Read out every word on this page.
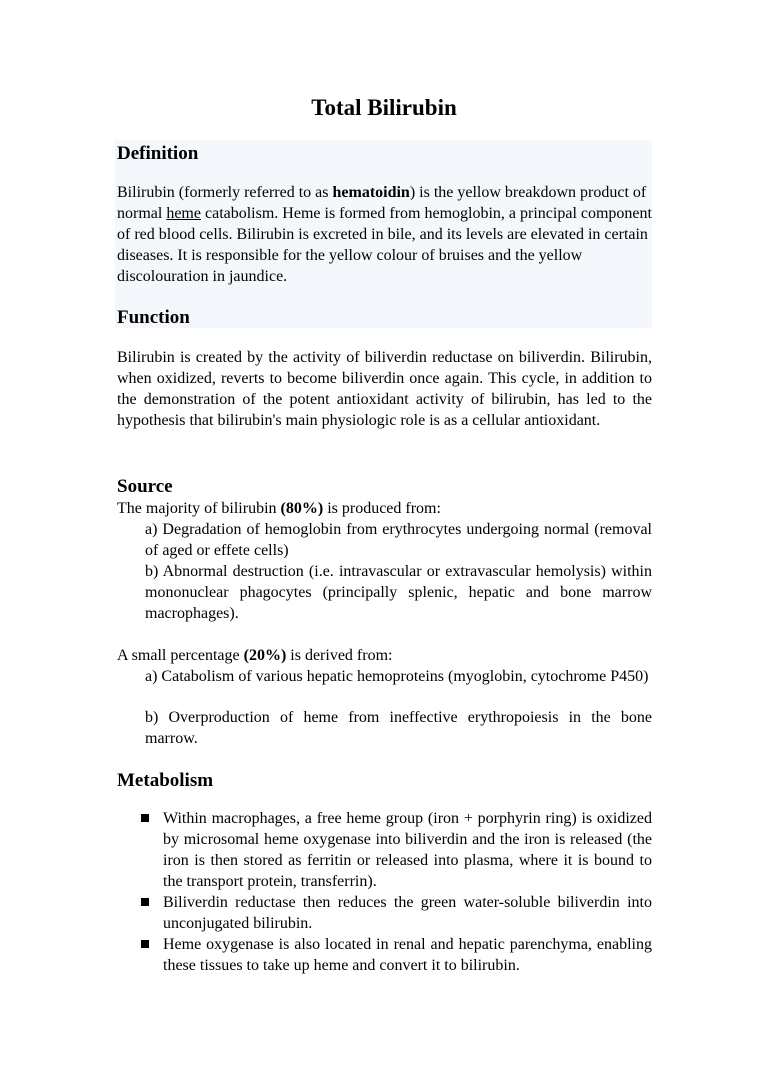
Total Bilirubin
Definition
Bilirubin (formerly referred to as hematoidin) is the yellow breakdown product of normal heme catabolism. Heme is formed from hemoglobin, a principal component of red blood cells. Bilirubin is excreted in bile, and its levels are elevated in certain diseases. It is responsible for the yellow colour of bruises and the yellow discolouration in jaundice.
Function
Bilirubin is created by the activity of biliverdin reductase on biliverdin. Bilirubin, when oxidized, reverts to become biliverdin once again. This cycle, in addition to the demonstration of the potent antioxidant activity of bilirubin, has led to the hypothesis that bilirubin's main physiologic role is as a cellular antioxidant.
Source
The majority of bilirubin (80%) is produced from:
a) Degradation of hemoglobin from erythrocytes undergoing normal (removal of aged or effete cells)
b) Abnormal destruction (i.e. intravascular or extravascular hemolysis) within mononuclear phagocytes (principally splenic, hepatic and bone marrow macrophages).
A small percentage (20%) is derived from:
a) Catabolism of various hepatic hemoproteins (myoglobin, cytochrome P450)
b) Overproduction of heme from ineffective erythropoiesis in the bone marrow.
Metabolism
Within macrophages, a free heme group (iron + porphyrin ring) is oxidized by microsomal heme oxygenase into biliverdin and the iron is released (the iron is then stored as ferritin or released into plasma, where it is bound to the transport protein, transferrin).
Biliverdin reductase then reduces the green water-soluble biliverdin into unconjugated bilirubin.
Heme oxygenase is also located in renal and hepatic parenchyma, enabling these tissues to take up heme and convert it to bilirubin.
